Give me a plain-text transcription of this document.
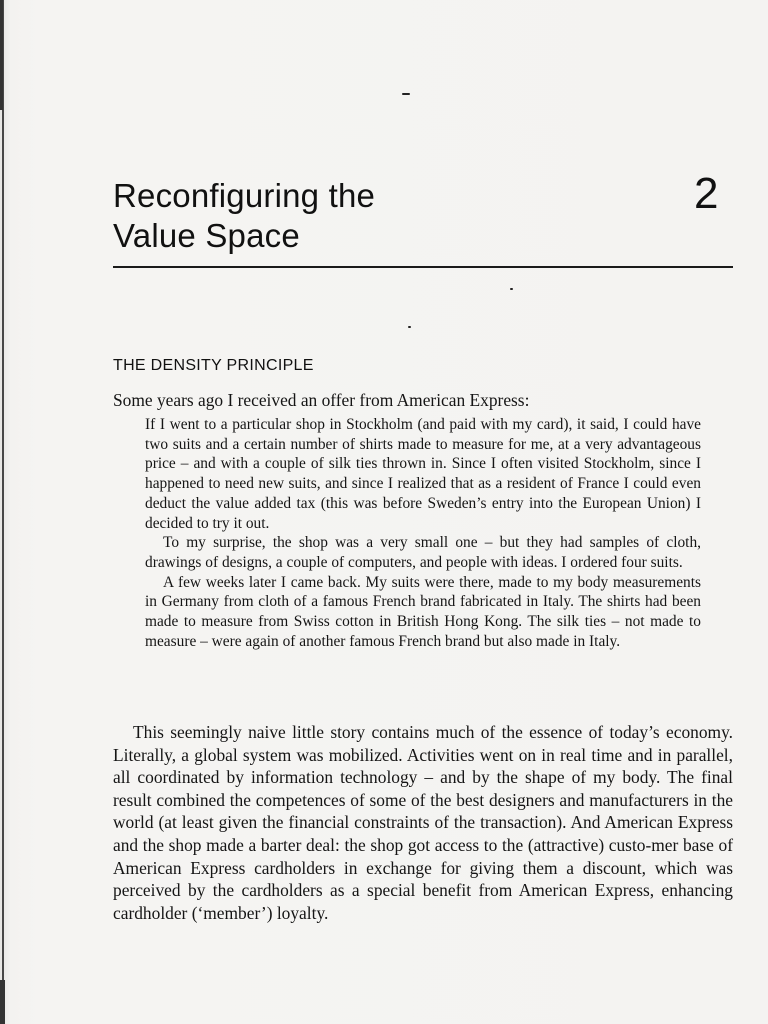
Reconfiguring the
Value Space
2
THE DENSITY PRINCIPLE
Some years ago I received an offer from American Express:

If I went to a particular shop in Stockholm (and paid with my card), it said, I could have two suits and a certain number of shirts made to measure for me, at a very advantageous price – and with a couple of silk ties thrown in. Since I often visited Stockholm, since I happened to need new suits, and since I realized that as a resident of France I could even deduct the value added tax (this was before Sweden’s entry into the European Union) I decided to try it out.

To my surprise, the shop was a very small one – but they had samples of cloth, drawings of designs, a couple of computers, and people with ideas. I ordered four suits.

A few weeks later I came back. My suits were there, made to my body measurements in Germany from cloth of a famous French brand fabricated in Italy. The shirts had been made to measure from Swiss cotton in British Hong Kong. The silk ties – not made to measure – were again of another famous French brand but also made in Italy.

This seemingly naive little story contains much of the essence of today’s economy. Literally, a global system was mobilized. Activities went on in real time and in parallel, all coordinated by information technology – and by the shape of my body. The final result combined the competences of some of the best designers and manufacturers in the world (at least given the financial constraints of the transaction). And American Express and the shop made a barter deal: the shop got access to the (attractive) custo-mer base of American Express cardholders in exchange for giving them a discount, which was perceived by the cardholders as a special benefit from American Express, enhancing cardholder (‘member’) loyalty.
